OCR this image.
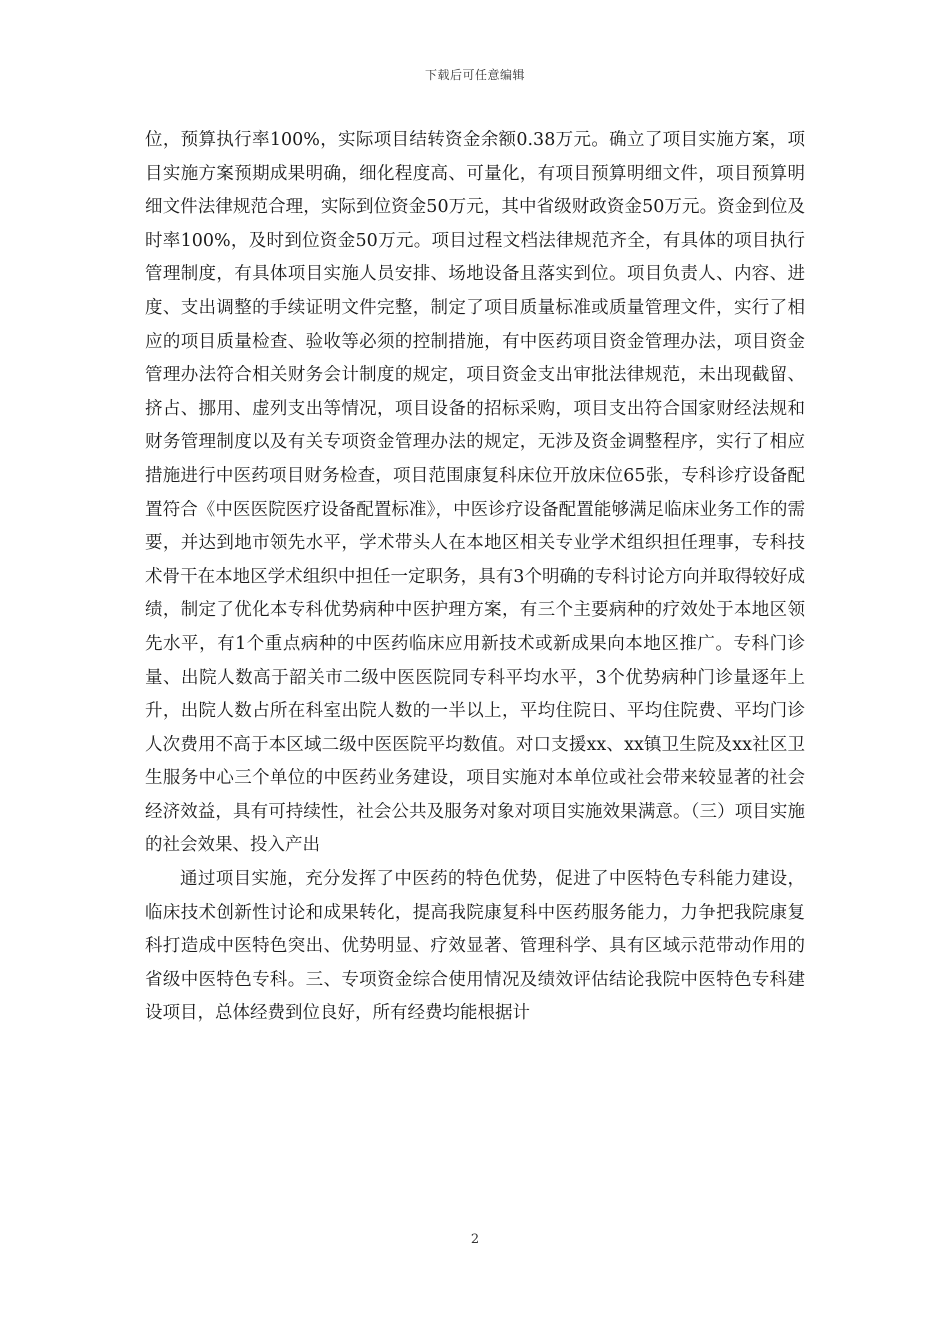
下载后可任意编辑

位，预算执行率100%，实际项目结转资金余额0.38万元。确立了项目实施方案，项目实施方案预期成果明确，细化程度高、可量化，有项目预算明细文件，项目预算明细文件法律规范合理，实际到位资金50万元，其中省级财政资金50万元。资金到位及时率100%，及时到位资金50万元。项目过程文档法律规范齐全，有具体的项目执行管理制度，有具体项目实施人员安排、场地设备且落实到位。项目负责人、内容、进度、支出调整的手续证明文件完整，制定了项目质量标准或质量管理文件，实行了相应的项目质量检查、验收等必须的控制措施，有中医药项目资金管理办法，项目资金管理办法符合相关财务会计制度的规定，项目资金支出审批法律规范，未出现截留、挤占、挪用、虚列支出等情况，项目设备的招标采购，项目支出符合国家财经法规和财务管理制度以及有关专项资金管理办法的规定，无涉及资金调整程序，实行了相应措施进行中医药项目财务检查，项目范围康复科床位开放床位65张，专科诊疗设备配置符合《中医医院医疗设备配置标准》，中医诊疗设备配置能够满足临床业务工作的需要，并达到地市领先水平，学术带头人在本地区相关专业学术组织担任理事，专科技术骨干在本地区学术组织中担任一定职务，具有3个明确的专科讨论方向并取得较好成绩，制定了优化本专科优势病种中医护理方案，有三个主要病种的疗效处于本地区领先水平，有1个重点病种的中医药临床应用新技术或新成果向本地区推广。专科门诊量、出院人数高于韶关市二级中医医院同专科平均水平，3个优势病种门诊量逐年上升，出院人数占所在科室出院人数的一半以上，平均住院日、平均住院费、平均门诊人次费用不高于本区域二级中医医院平均数值。对口支援xx、xx镇卫生院及xx社区卫生服务中心三个单位的中医药业务建设，项目实施对本单位或社会带来较显著的社会经济效益，具有可持续性，社会公共及服务对象对项目实施效果满意。（三）项目实施的社会效果、投入产出

通过项目实施，充分发挥了中医药的特色优势，促进了中医特色专科能力建设，临床技术创新性讨论和成果转化，提高我院康复科中医药服务能力，力争把我院康复科打造成中医特色突出、优势明显、疗效显著、管理科学、具有区域示范带动作用的省级中医特色专科。三、专项资金综合使用情况及绩效评估结论我院中医特色专科建设项目，总体经费到位良好，所有经费均能根据计

2
